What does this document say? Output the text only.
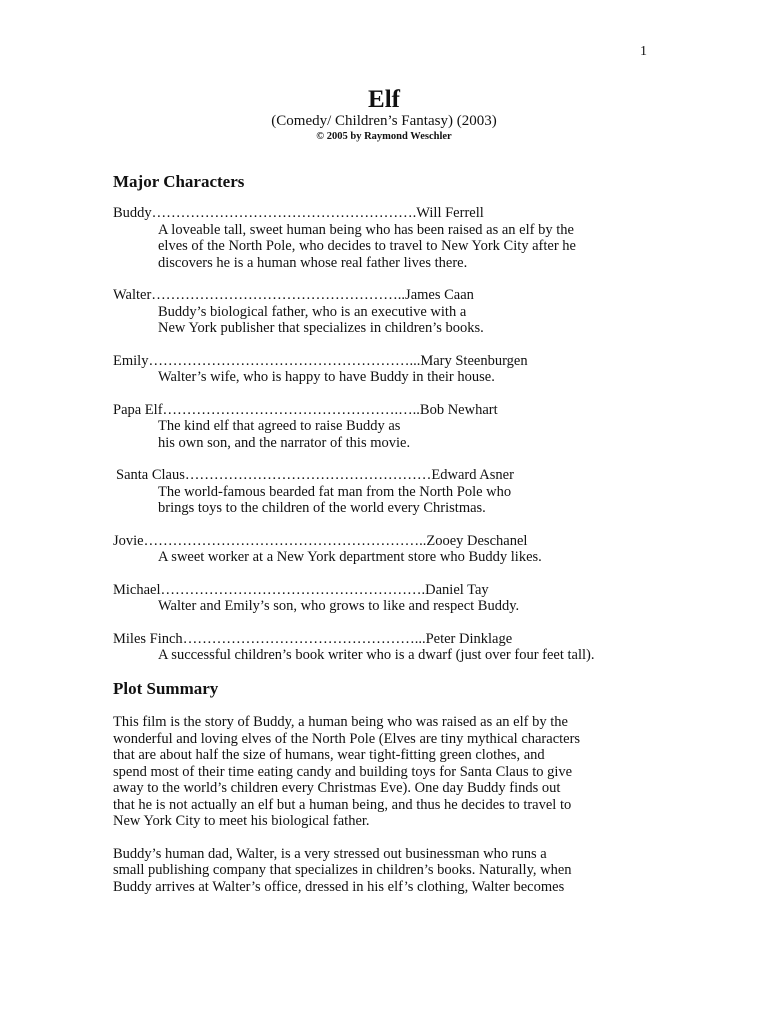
1
Elf
(Comedy/ Children’s Fantasy) (2003)
© 2005 by Raymond Weschler
Major Characters
Buddy……………………………………………….Will Ferrell
A loveable tall, sweet human being who has been raised as an elf by the
elves of the North Pole, who decides to travel to New York City after he
discovers he is a human whose real father lives there.
Walter……………………………………………..James Caan
Buddy’s biological father, who is an executive with a
New York publisher that specializes in children’s books.
Emily………………………………………………...Mary Steenburgen
Walter’s wife, who is happy to have Buddy in their house.
Papa Elf………………………………………….…..Bob Newhart
The kind elf that agreed to raise Buddy as
his own son, and the narrator of this movie.
Santa Claus……………………………………………Edward Asner
The world-famous bearded fat man from the North Pole who
brings toys to the children of the world every Christmas.
Jovie…………………………………………………..Zooey Deschanel
A sweet worker at a New York department store who Buddy likes.
Michael……………………………………………….Daniel Tay
Walter and Emily’s son, who grows to like and respect Buddy.
Miles Finch…………………………………………...Peter Dinklage
A successful children’s book writer who is a dwarf (just over four feet tall).
Plot Summary

This film is the story of Buddy, a human being who was raised as an elf by the
wonderful and loving elves of the North Pole (Elves are tiny mythical characters
that are about half the size of humans, wear tight-fitting green clothes, and
spend most of their time eating candy and building toys for Santa Claus to give
away to the world’s children every Christmas Eve). One day Buddy finds out
that he is not actually an elf but a human being, and thus he decides to travel to
New York City to meet his biological father.

Buddy’s human dad, Walter, is a very stressed out businessman who runs a
small publishing company that specializes in children’s books. Naturally, when
Buddy arrives at Walter’s office, dressed in his elf’s clothing, Walter becomes
